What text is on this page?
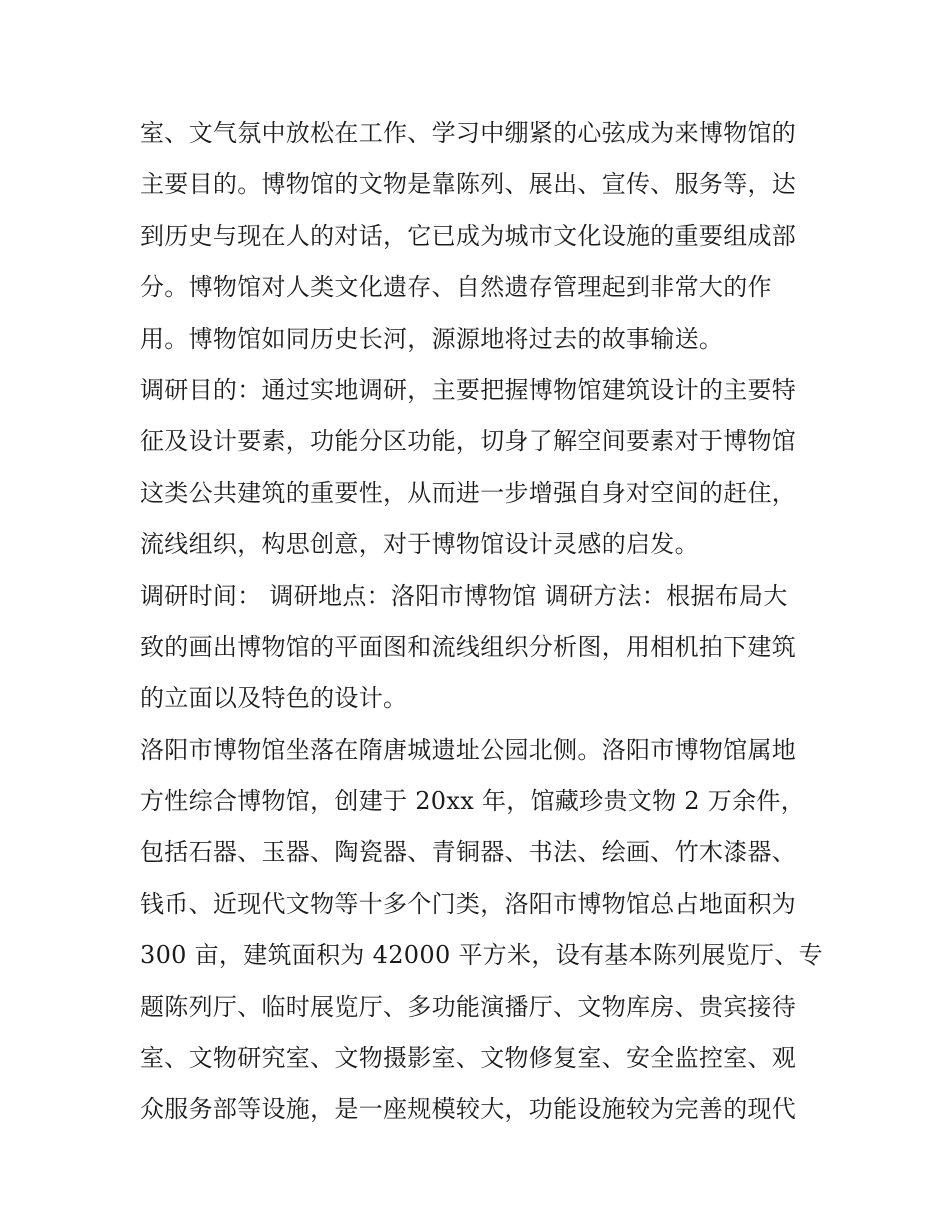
室、文气氛中放松在工作、学习中绷紧的心弦成为来博物馆的
主要目的。博物馆的文物是靠陈列、展出、宣传、服务等，达
到历史与现在人的对话，它已成为城市文化设施的重要组成部
分。博物馆对人类文化遗存、自然遗存管理起到非常大的作
用。博物馆如同历史长河，源源地将过去的故事输送。
调研目的：通过实地调研，主要把握博物馆建筑设计的主要特
征及设计要素，功能分区功能，切身了解空间要素对于博物馆
这类公共建筑的重要性，从而进一步增强自身对空间的赶住，
流线组织，构思创意，对于博物馆设计灵感的启发。
调研时间： 调研地点：洛阳市博物馆 调研方法：根据布局大
致的画出博物馆的平面图和流线组织分析图，用相机拍下建筑
的立面以及特色的设计。
洛阳市博物馆坐落在隋唐城遗址公园北侧。洛阳市博物馆属地
方性综合博物馆，创建于 20xx 年，馆藏珍贵文物 2 万余件，
包括石器、玉器、陶瓷器、青铜器、书法、绘画、竹木漆器、
钱币、近现代文物等十多个门类，洛阳市博物馆总占地面积为
300 亩，建筑面积为 42000 平方米，设有基本陈列展览厅、专
题陈列厅、临时展览厅、多功能演播厅、文物库房、贵宾接待
室、文物研究室、文物摄影室、文物修复室、安全监控室、观
众服务部等设施，是一座规模较大，功能设施较为完善的现代
